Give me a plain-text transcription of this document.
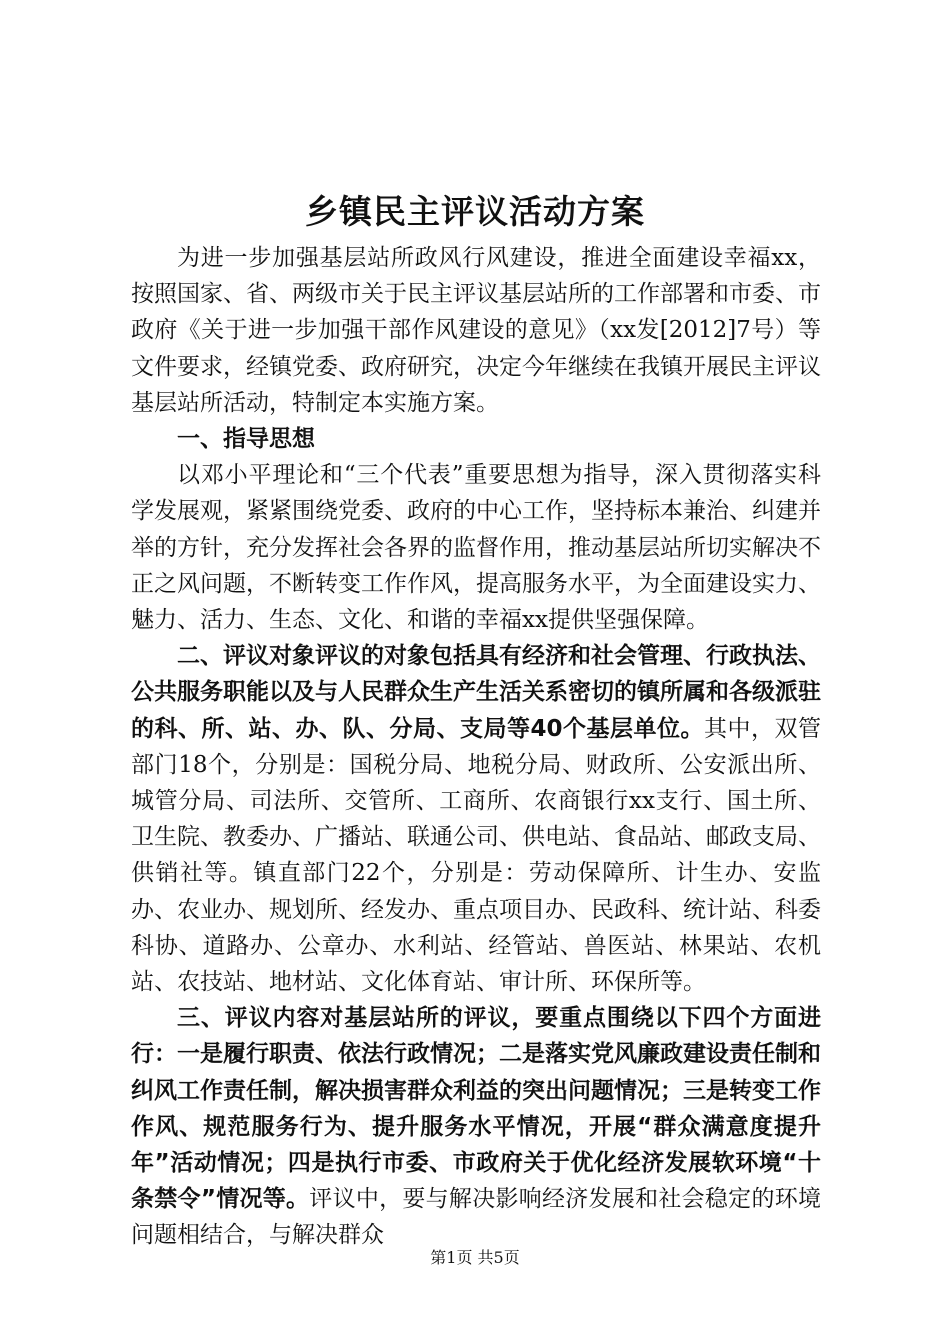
乡镇民主评议活动方案

为进一步加强基层站所政风行风建设，推进全面建设幸福xx，按照国家、省、两级市关于民主评议基层站所的工作部署和市委、市政府《关于进一步加强干部作风建设的意见》（xx发[2012]7号）等文件要求，经镇党委、政府研究，决定今年继续在我镇开展民主评议基层站所活动，特制定本实施方案。

一、指导思想

以邓小平理论和“三个代表”重要思想为指导，深入贯彻落实科学发展观，紧紧围绕党委、政府的中心工作，坚持标本兼治、纠建并举的方针，充分发挥社会各界的监督作用，推动基层站所切实解决不正之风问题，不断转变工作作风，提高服务水平，为全面建设实力、魅力、活力、生态、文化、和谐的幸福xx提供坚强保障。

二、评议对象评议的对象包括具有经济和社会管理、行政执法、公共服务职能以及与人民群众生产生活关系密切的镇所属和各级派驻的科、所、站、办、队、分局、支局等40个基层单位。其中，双管部门18个，分别是：国税分局、地税分局、财政所、公安派出所、城管分局、司法所、交管所、工商所、农商银行xx支行、国土所、卫生院、教委办、广播站、联通公司、供电站、食品站、邮政支局、供销社等。镇直部门22个，分别是：劳动保障所、计生办、安监办、农业办、规划所、经发办、重点项目办、民政科、统计站、科委科协、道路办、公章办、水利站、经管站、兽医站、林果站、农机站、农技站、地材站、文化体育站、审计所、环保所等。

三、评议内容对基层站所的评议，要重点围绕以下四个方面进行：一是履行职责、依法行政情况；二是落实党风廉政建设责任制和纠风工作责任制，解决损害群众利益的突出问题情况；三是转变工作作风、规范服务行为、提升服务水平情况，开展“群众满意度提升年”活动情况；四是执行市委、市政府关于优化经济发展软环境“十条禁令”情况等。评议中，要与解决影响经济发展和社会稳定的环境问题相结合，与解决群众

第1页 共5页
